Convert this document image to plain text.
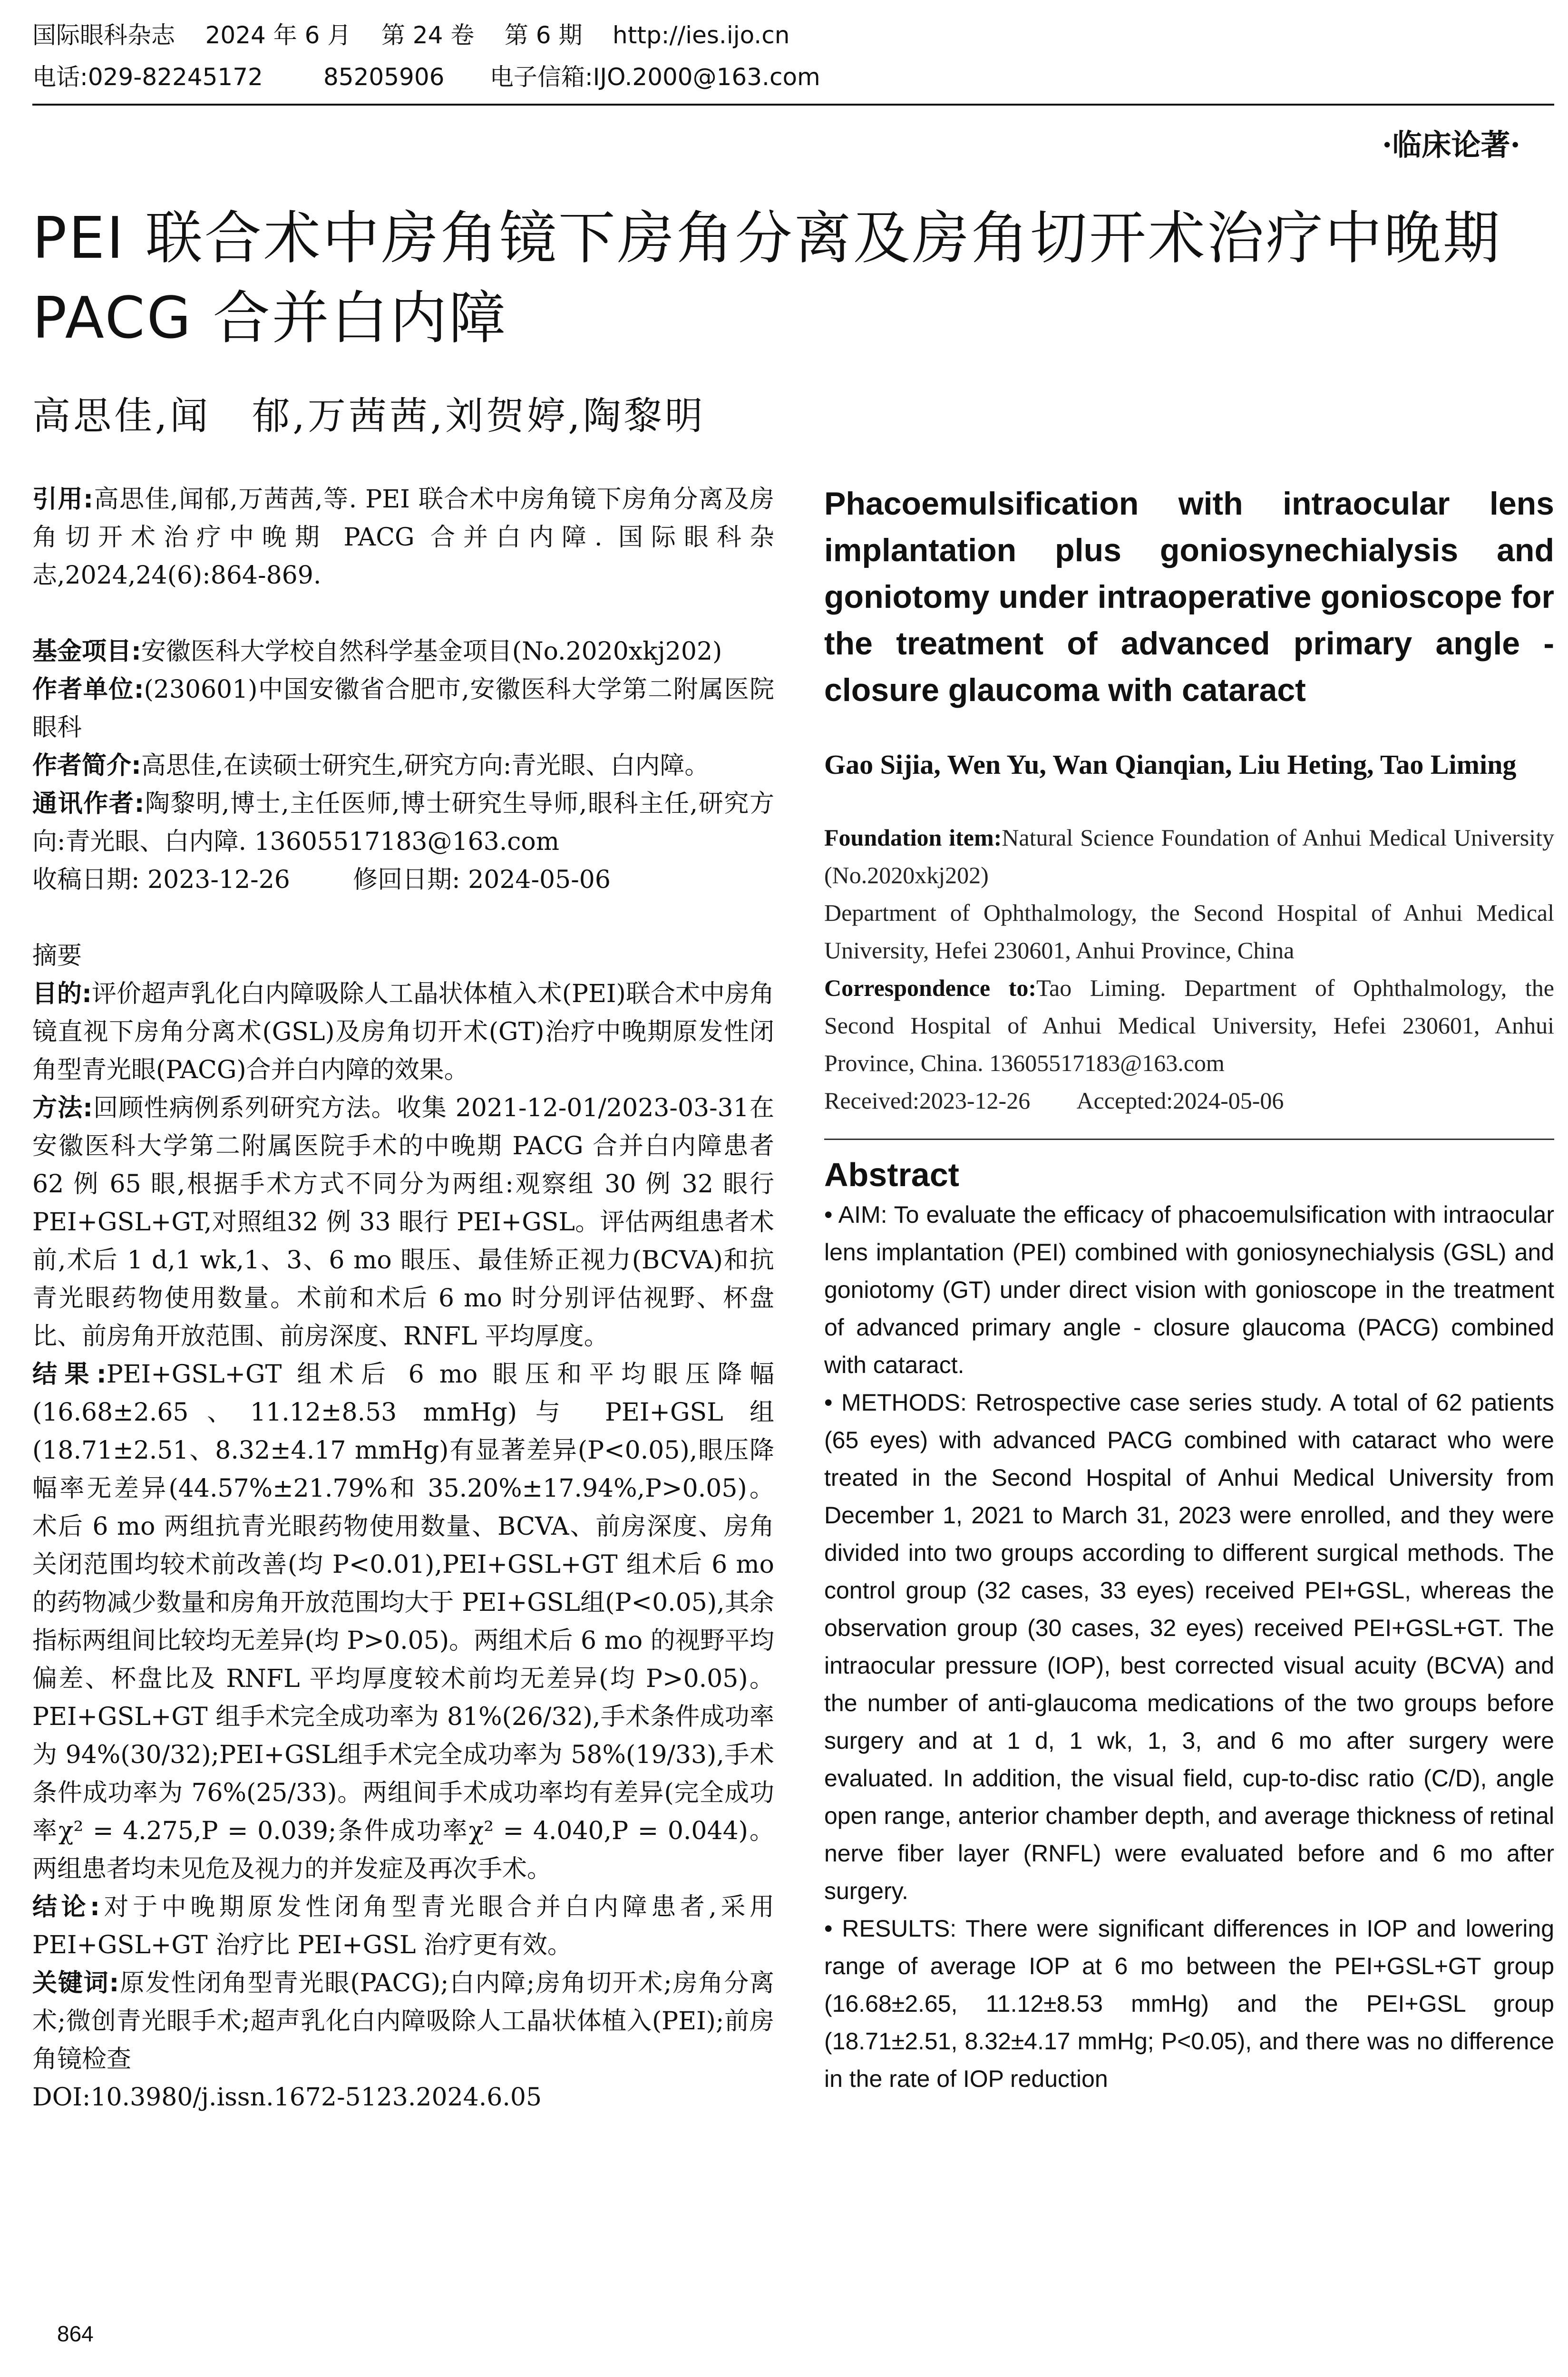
国际眼科杂志    2024 年 6 月    第 24 卷    第 6 期    http://ies.ijo.cn
电话:029-82245172        85205906      电子信箱:IJO.2000@163.com
·临床论著·
PEI 联合术中房角镜下房角分离及房角切开术治疗中晚期 PACG 合并白内障
高思佳,闻　郁,万茜茜,刘贺婷,陶黎明

引用:高思佳,闻郁,万茜茜,等. PEI 联合术中房角镜下房角分离及房角切开术治疗中晚期 PACG 合并白内障. 国际眼科杂志,2024,24(6):864-869.

基金项目:安徽医科大学校自然科学基金项目(No.2020xkj202)

作者单位:(230601)中国安徽省合肥市,安徽医科大学第二附属医院眼科

作者简介:高思佳,在读硕士研究生,研究方向:青光眼、白内障。

通讯作者:陶黎明,博士,主任医师,博士研究生导师,眼科主任,研究方向:青光眼、白内障. 13605517183@163.com

收稿日期: 2023-12-26        修回日期: 2024-05-06

摘要

目的:评价超声乳化白内障吸除人工晶状体植入术(PEI)联合术中房角镜直视下房角分离术(GSL)及房角切开术(GT)治疗中晚期原发性闭角型青光眼(PACG)合并白内障的效果。

方法:回顾性病例系列研究方法。收集 2021-12-01/2023-03-31在安徽医科大学第二附属医院手术的中晚期 PACG 合并白内障患者 62 例 65 眼,根据手术方式不同分为两组:观察组 30 例 32 眼行 PEI+GSL+GT,对照组32 例 33 眼行 PEI+GSL。评估两组患者术前,术后 1 d,1 wk,1、3、6 mo 眼压、最佳矫正视力(BCVA)和抗青光眼药物使用数量。术前和术后 6 mo 时分别评估视野、杯盘比、前房角开放范围、前房深度、RNFL 平均厚度。

结果:PEI+GSL+GT 组术后 6 mo 眼压和平均眼压降幅(16.68±2.65、11.12±8.53 mmHg)与 PEI+GSL 组(18.71±2.51、8.32±4.17 mmHg)有显著差异(P<0.05),眼压降幅率无差异(44.57%±21.79%和 35.20%±17.94%,P>0.05)。术后 6 mo 两组抗青光眼药物使用数量、BCVA、前房深度、房角关闭范围均较术前改善(均 P<0.01),PEI+GSL+GT 组术后 6 mo 的药物减少数量和房角开放范围均大于 PEI+GSL组(P<0.05),其余指标两组间比较均无差异(均 P>0.05)。两组术后 6 mo 的视野平均偏差、杯盘比及 RNFL 平均厚度较术前均无差异(均 P>0.05)。PEI+GSL+GT 组手术完全成功率为 81%(26/32),手术条件成功率为 94%(30/32);PEI+GSL组手术完全成功率为 58%(19/33),手术条件成功率为 76%(25/33)。两组间手术成功率均有差异(完全成功率χ² = 4.275,P = 0.039;条件成功率χ² = 4.040,P = 0.044)。两组患者均未见危及视力的并发症及再次手术。

结论:对于中晚期原发性闭角型青光眼合并白内障患者,采用 PEI+GSL+GT 治疗比 PEI+GSL 治疗更有效。

关键词:原发性闭角型青光眼(PACG);白内障;房角切开术;房角分离术;微创青光眼手术;超声乳化白内障吸除人工晶状体植入(PEI);前房角镜检查

DOI:10.3980/j.issn.1672-5123.2024.6.05

Phacoemulsification with intraocular lens implantation plus goniosynechialysis and goniotomy under intraoperative gonioscope for the treatment of advanced primary angle - closure glaucoma with cataract

Gao Sijia, Wen Yu, Wan Qianqian, Liu Heting, Tao Liming

Foundation item:Natural Science Foundation of Anhui Medical University (No.2020xkj202)

Department of Ophthalmology, the Second Hospital of Anhui Medical University, Hefei 230601, Anhui Province, China

Correspondence to:Tao Liming. Department of Ophthalmology, the Second Hospital of Anhui Medical University, Hefei 230601, Anhui Province, China. 13605517183@163.com

Received:2023-12-26        Accepted:2024-05-06

Abstract

• AIM: To evaluate the efficacy of phacoemulsification with intraocular lens implantation (PEI) combined with goniosynechialysis (GSL) and goniotomy (GT) under direct vision with gonioscope in the treatment of advanced primary angle - closure glaucoma (PACG) combined with cataract.

• METHODS: Retrospective case series study. A total of 62 patients (65 eyes) with advanced PACG combined with cataract who were treated in the Second Hospital of Anhui Medical University from December 1, 2021 to March 31, 2023 were enrolled, and they were divided into two groups according to different surgical methods. The control group (32 cases, 33 eyes) received PEI+GSL, whereas the observation group (30 cases, 32 eyes) received PEI+GSL+GT. The intraocular pressure (IOP), best corrected visual acuity (BCVA) and the number of anti-glaucoma medications of the two groups before surgery and at 1 d, 1 wk, 1, 3, and 6 mo after surgery were evaluated. In addition, the visual field, cup-to-disc ratio (C/D), angle open range, anterior chamber depth, and average thickness of retinal nerve fiber layer (RNFL) were evaluated before and 6 mo after surgery.

• RESULTS: There were significant differences in IOP and lowering range of average IOP at 6 mo between the PEI+GSL+GT group (16.68±2.65, 11.12±8.53 mmHg) and the PEI+GSL group (18.71±2.51, 8.32±4.17 mmHg; P<0.05), and there was no difference in the rate of IOP reduction

864
